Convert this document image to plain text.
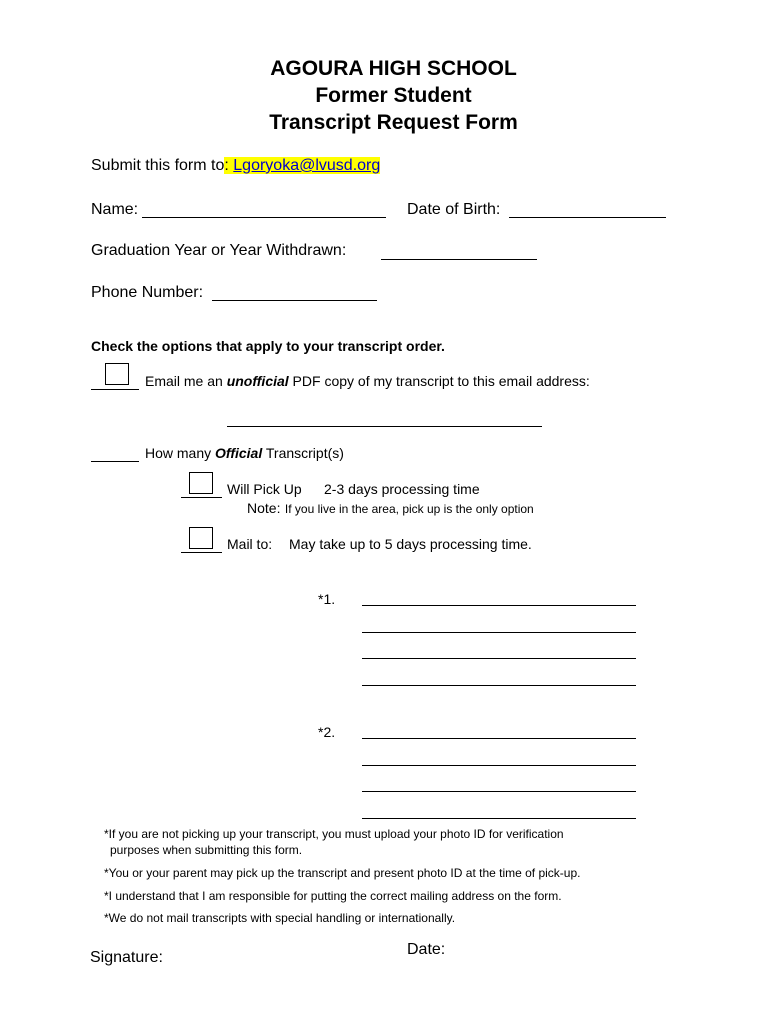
AGOURA HIGH SCHOOL
Former Student
Transcript Request Form
Submit this form to: Lgoryoka@lvusd.org
Name:	Date of Birth:
Graduation Year or Year Withdrawn:
Phone Number:
Check the options that apply to your transcript order.
Email me an unofficial PDF copy of my transcript to this email address:
How many Official Transcript(s)
Will Pick Up 2-3 days processing time
Note: If you live in the area, pick up is the only option
Mail to: May take up to 5 days processing time.
*1.
*2.
*If you are not picking up your transcript, you must upload your photo ID for verification
purposes when submitting this form.
*You or your parent may pick up the transcript and present photo ID at the time of pick-up.
*I understand that I am responsible for putting the correct mailing address on the form.
*We do not mail transcripts with special handling or internationally.
Signature:	Date:
